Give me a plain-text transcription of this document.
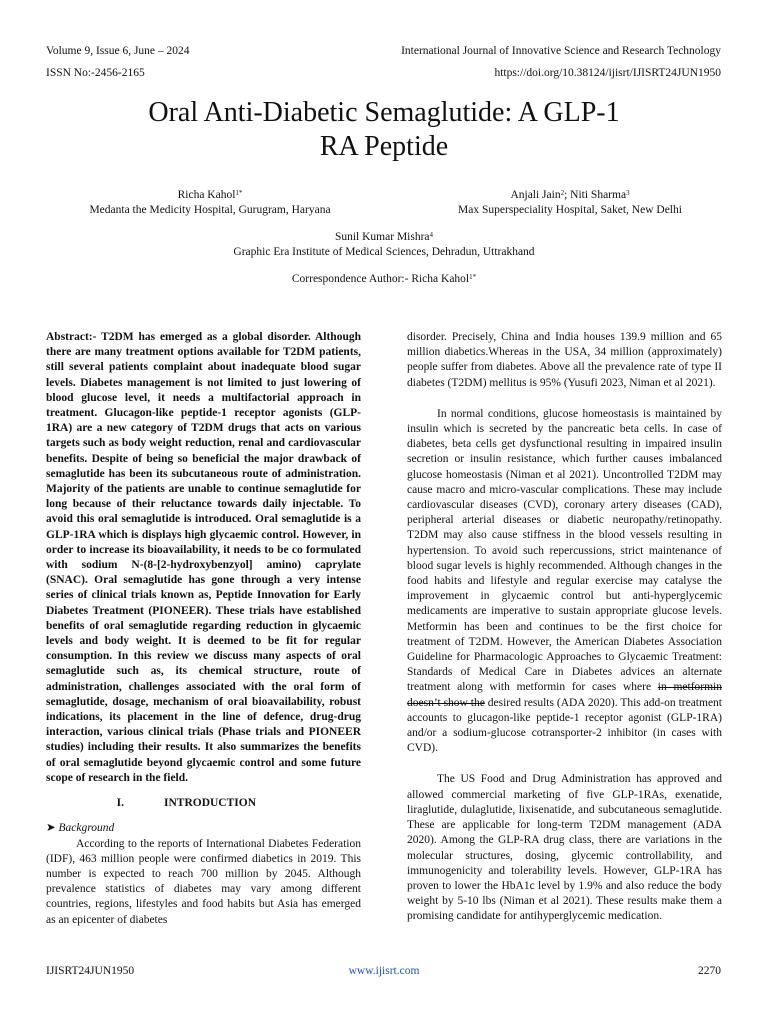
Volume 9, Issue 6, June – 2024	International Journal of Innovative Science and Research Technology
ISSN No:-2456-2165	https://doi.org/10.38124/ijisrt/IJISRT24JUN1950
Oral Anti-Diabetic Semaglutide: A GLP-1
RA Peptide
Richa Kahol$^{1*}$
Medanta the Medicity Hospital, Gurugram, Haryana
Anjali Jain$^2$; Niti Sharma$^3$
Max Superspeciality Hospital, Saket, New Delhi
Sunil Kumar Mishra$^4$
Graphic Era Institute of Medical Sciences, Dehradun, Uttrakhand
Correspondence Author:- Richa Kahol$^{1*}$

Abstract:- T2DM has emerged as a global disorder. Although there are many treatment options available for T2DM patients, still several patients complaint about inadequate blood sugar levels. Diabetes management is not limited to just lowering of blood glucose level, it needs a multifactorial approach in treatment. Glucagon-like peptide-1 receptor agonists (GLP-1RA) are a new category of T2DM drugs that acts on various targets such as body weight reduction, renal and cardiovascular benefits. Despite of being so beneficial the major drawback of semaglutide has been its subcutaneous route of administration. Majority of the patients are unable to continue semaglutide for long because of their reluctance towards daily injectable. To avoid this oral semaglutide is introduced. Oral semaglutide is a GLP-1RA which is displays high glycaemic control. However, in order to increase its bioavailability, it needs to be co formulated with sodium N-(8-[2-hydroxybenzyol] amino) caprylate (SNAC). Oral semaglutide has gone through a very intense series of clinical trials known as, Peptide Innovation for Early Diabetes Treatment (PIONEER). These trials have established benefits of oral semaglutide regarding reduction in glycaemic levels and body weight. It is deemed to be fit for regular consumption. In this review we discuss many aspects of oral semaglutide such as, its chemical structure, route of administration, challenges associated with the oral form of semaglutide, dosage, mechanism of oral bioavailability, robust indications, its placement in the line of defence, drug-drug interaction, various clinical trials (Phase trials and PIONEER studies) including their results. It also summarizes the benefits of oral semaglutide beyond glycaemic control and some future scope of research in the field.

I.	INTRODUCTION
➤ Background

According to the reports of International Diabetes Federation (IDF), 463 million people were confirmed diabetics in 2019. This number is expected to reach 700 million by 2045. Although prevalence statistics of diabetes may vary among different countries, regions, lifestyles and food habits but Asia has emerged as an epicenter of diabetes

disorder. Precisely, China and India houses 139.9 million and 65 million diabetics.Whereas in the USA, 34 million (approximately) people suffer from diabetes. Above all the prevalence rate of type II diabetes (T2DM) mellitus is 95% (Yusufi 2023, Niman et al 2021).

In normal conditions, glucose homeostasis is maintained by insulin which is secreted by the pancreatic beta cells. In case of diabetes, beta cells get dysfunctional resulting in impaired insulin secretion or insulin resistance, which further causes imbalanced glucose homeostasis (Niman et al 2021). Uncontrolled T2DM may cause macro and micro-vascular complications. These may include cardiovascular diseases (CVD), coronary artery diseases (CAD), peripheral arterial diseases or diabetic neuropathy/retinopathy. T2DM may also cause stiffness in the blood vessels resulting in hypertension. To avoid such repercussions, strict maintenance of blood sugar levels is highly recommended. Although changes in the food habits and lifestyle and regular exercise may catalyse the improvement in glycaemic control but anti-hyperglycemic medicaments are imperative to sustain appropriate glucose levels. Metformin has been and continues to be the first choice for treatment of T2DM. However, the American Diabetes Association Guideline for Pharmacologic Approaches to Glycaemic Treatment: Standards of Medical Care in Diabetes advices an alternate treatment along with metformin for cases where in metformin doesn’t show the desired results (ADA 2020). This add-on treatment accounts to glucagon-like peptide-1 receptor agonist (GLP-1RA) and/or a sodium-glucose cotransporter-2 inhibitor (in cases with CVD).

The US Food and Drug Administration has approved and allowed commercial marketing of five GLP-1RAs, exenatide, liraglutide, dulaglutide, lixisenatide, and subcutaneous semaglutide. These are applicable for long-term T2DM management (ADA 2020). Among the GLP-RA drug class, there are variations in the molecular structures, dosing, glycemic controllability, and immunogenicity and tolerability levels. However, GLP-1RA has proven to lower the HbA1c level by 1.9% and also reduce the body weight by 5-10 lbs (Niman et al 2021). These results make them a promising candidate for antihyperglycemic medication.

IJISRT24JUN1950	www.ijisrt.com	2270
